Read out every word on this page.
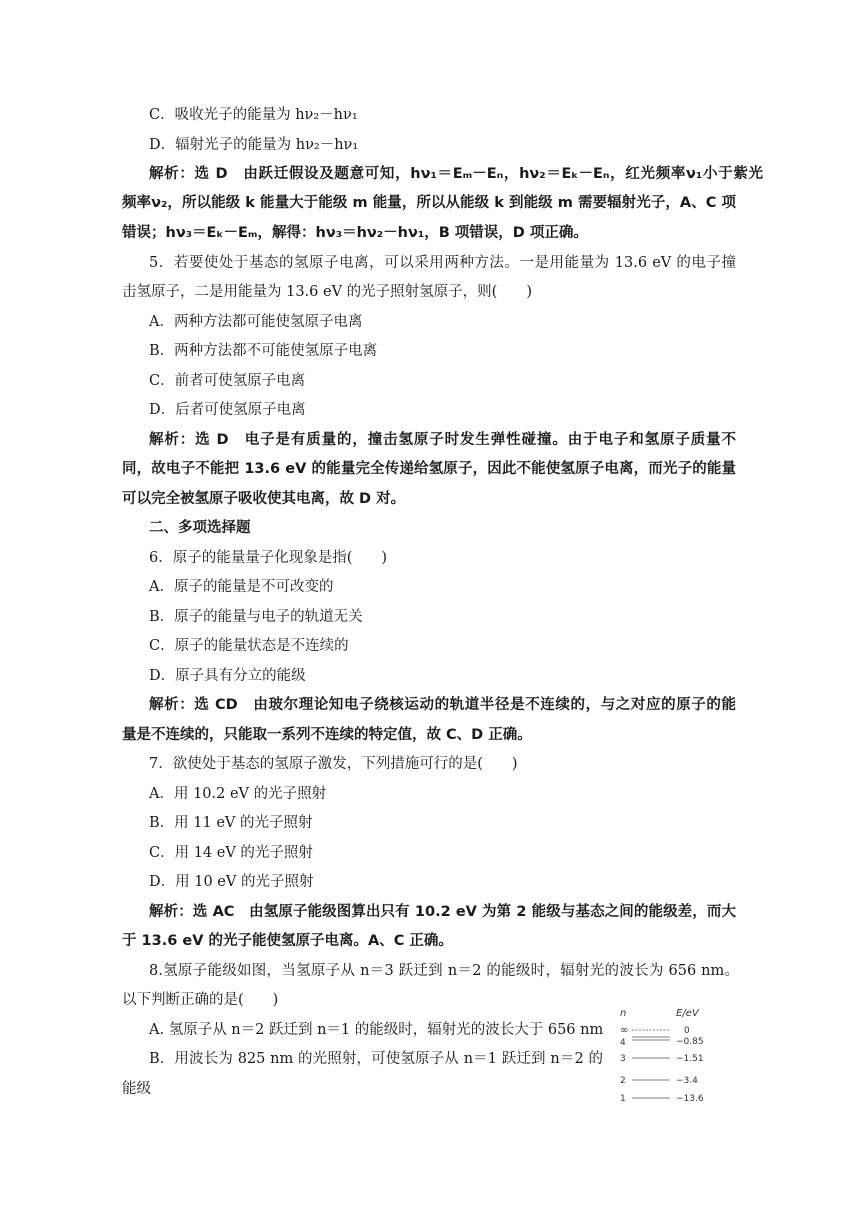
C．吸收光子的能量为 hν₂－hν₁
D．辐射光子的能量为 hν₂－hν₁
解析：选 D　由跃迁假设及题意可知，hν₁＝Eₘ－Eₙ，hν₂＝Eₖ－Eₙ，红光频率ν₁小于紫光
频率ν₂，所以能级 k 能量大于能级 m 能量，所以从能级 k 到能级 m 需要辐射光子，A、C 项
错误；hν₃＝Eₖ－Eₘ，解得：hν₃＝hν₂－hν₁，B 项错误，D 项正确。
5．若要使处于基态的氢原子电离，可以采用两种方法。一是用能量为 13.6 eV 的电子撞
击氢原子，二是用能量为 13.6 eV 的光子照射氢原子，则(　　)
A．两种方法都可能使氢原子电离
B．两种方法都不可能使氢原子电离
C．前者可使氢原子电离
D．后者可使氢原子电离
解析：选 D　电子是有质量的，撞击氢原子时发生弹性碰撞。由于电子和氢原子质量不
同，故电子不能把 13.6 eV 的能量完全传递给氢原子，因此不能使氢原子电离，而光子的能量
可以完全被氢原子吸收使其电离，故 D 对。
二、多项选择题
6．原子的能量量子化现象是指(　　)
A．原子的能量是不可改变的
B．原子的能量与电子的轨道无关
C．原子的能量状态是不连续的
D．原子具有分立的能级
解析：选 CD　由玻尔理论知电子绕核运动的轨道半径是不连续的，与之对应的原子的能
量是不连续的，只能取一系列不连续的特定值，故 C、D 正确。
7．欲使处于基态的氢原子激发，下列措施可行的是(　　)
A．用 10.2 eV 的光子照射
B．用 11 eV 的光子照射
C．用 14 eV 的光子照射
D．用 10 eV 的光子照射
解析：选 AC　由氢原子能级图算出只有 10.2 eV 为第 2 能级与基态之间的能级差，而大
于 13.6 eV 的光子能使氢原子电离。A、C 正确。
8.氢原子能级如图，当氢原子从 n＝3 跃迁到 n＝2 的能级时，辐射光的波长为 656 nm。
以下判断正确的是(　　)
A. 氢原子从 n＝2 跃迁到 n＝1 的能级时，辐射光的波长大于 656 nm
B．用波长为 825 nm 的光照射，可使氢原子从 n＝1 跃迁到 n＝2 的
能级
n	E/eV
∞	0
4	−0.85
3	−1.51
2	−3.4
1	−13.6
